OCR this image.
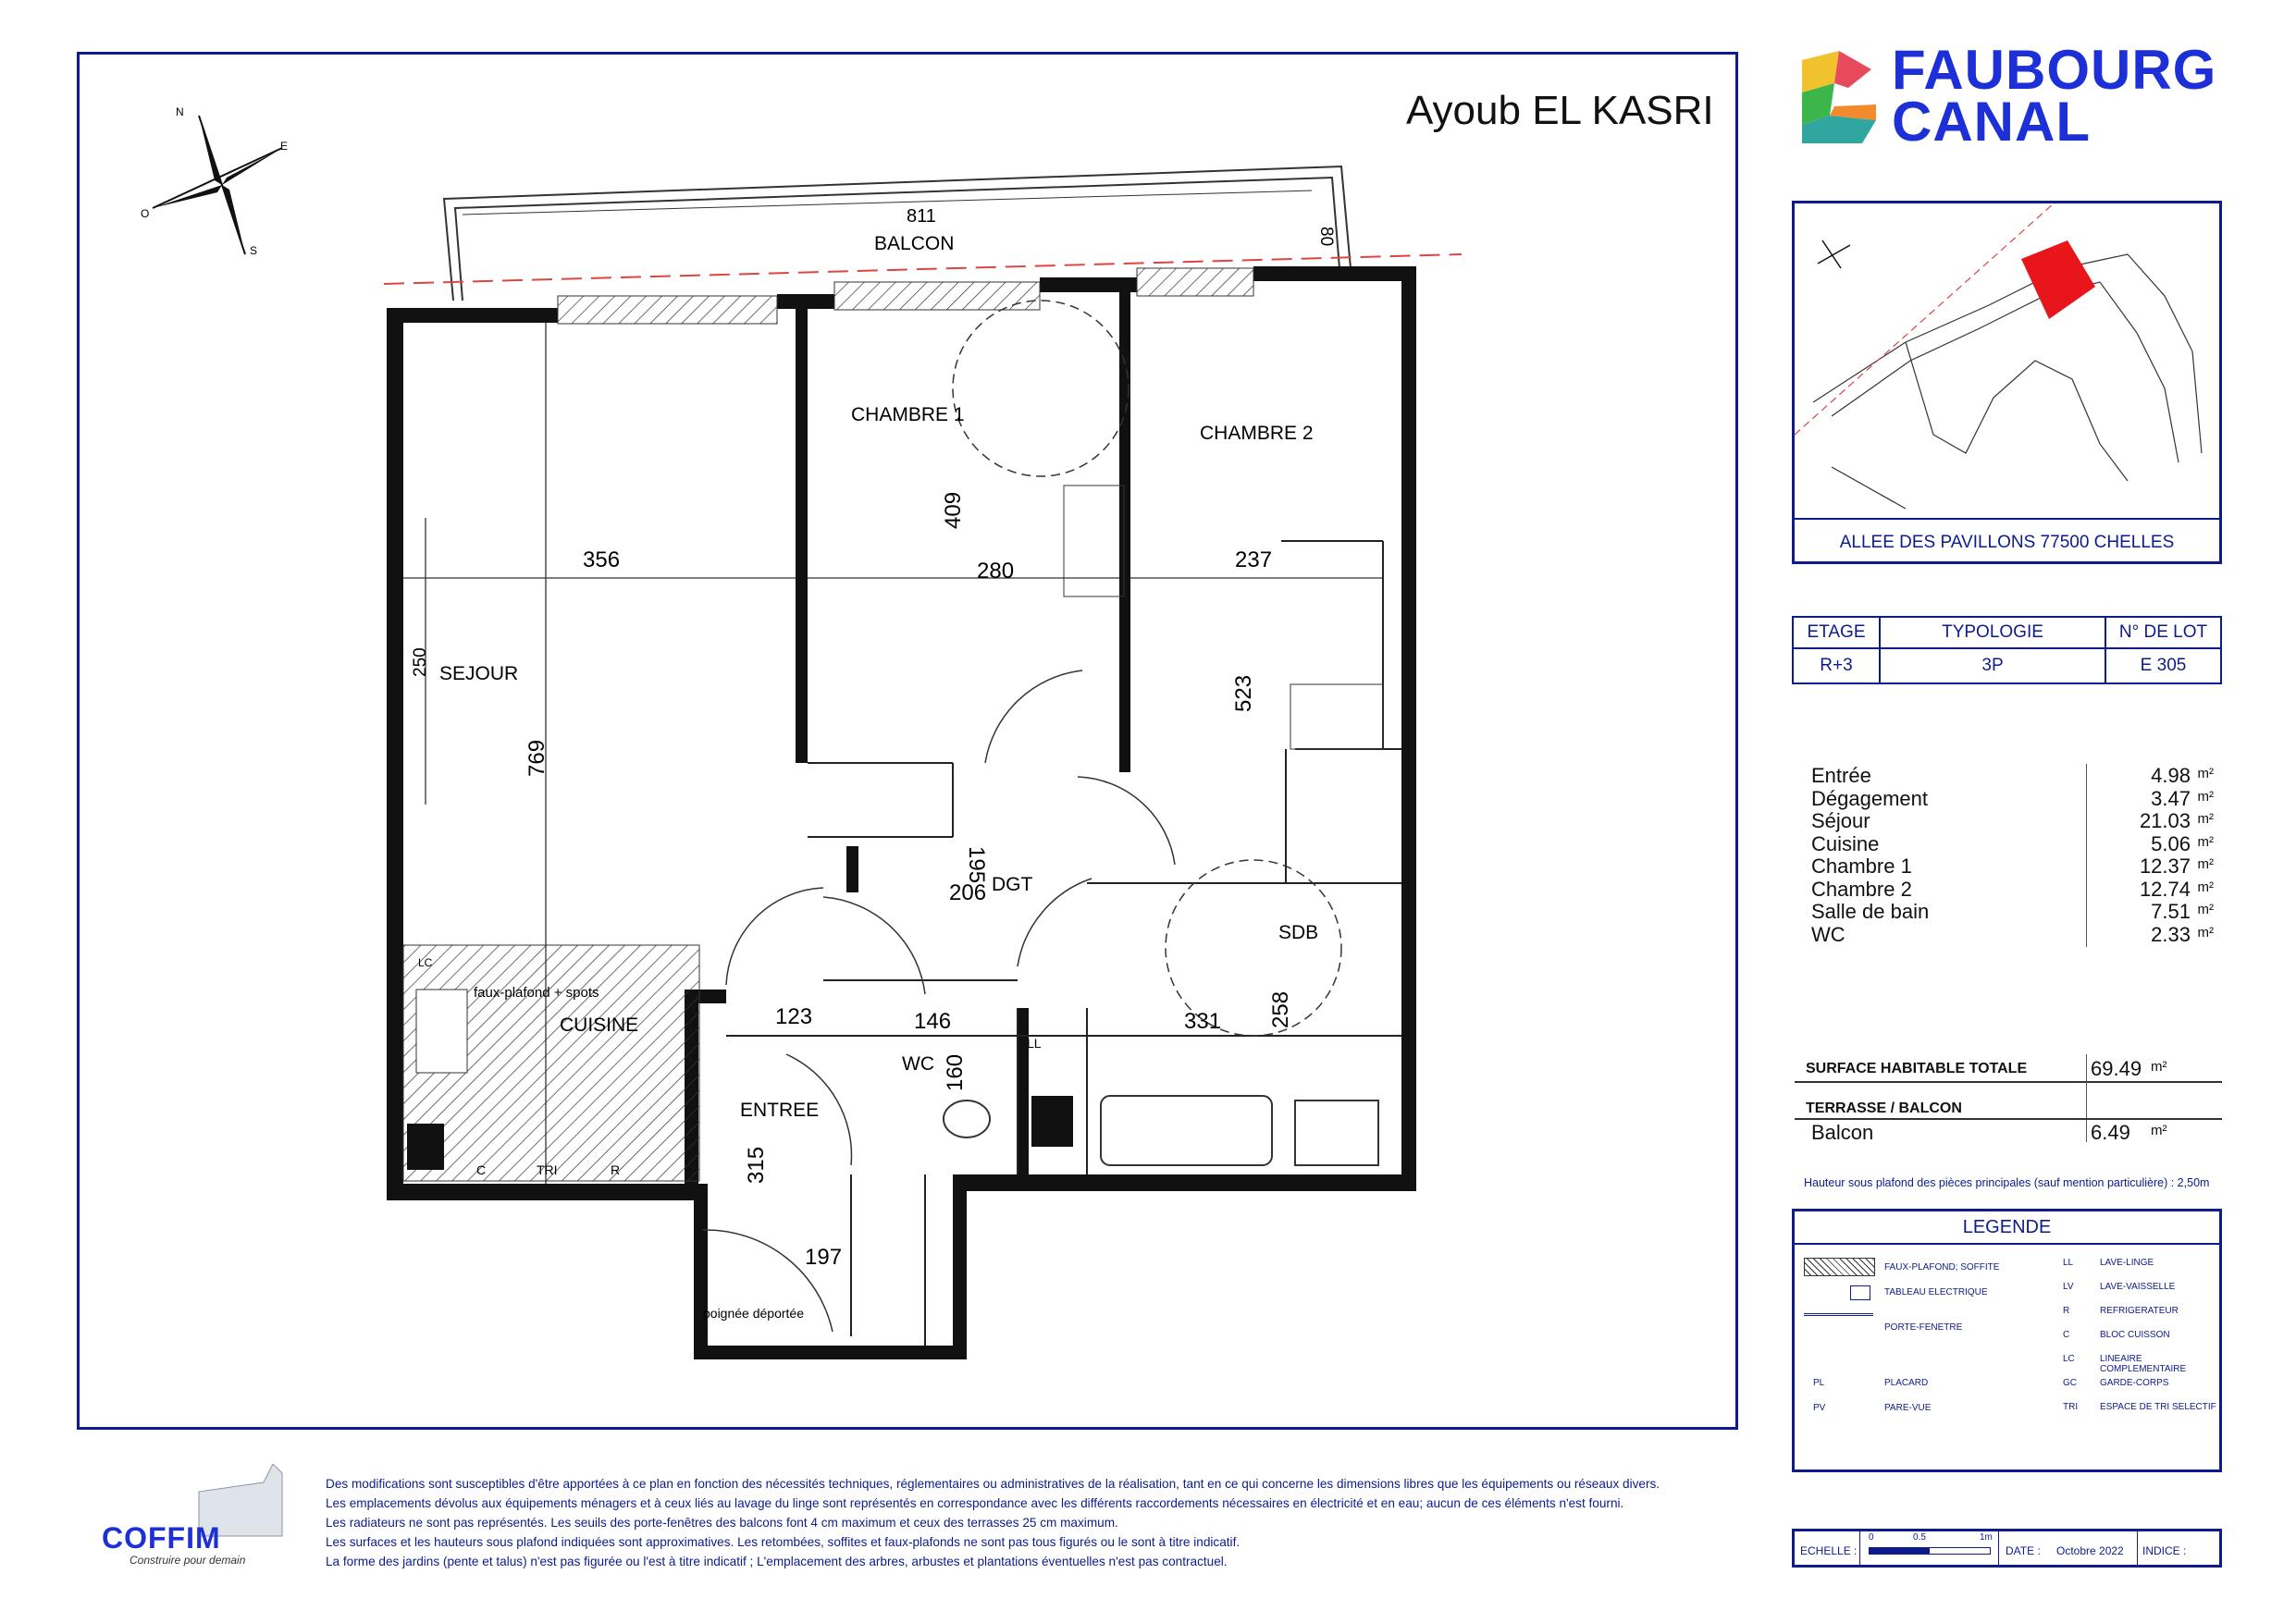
Ayoub EL KASRI
N
E
S
O	811
BALCON	80
CHAMBRE 1
CHAMBRE 2
SEJOUR
CUISINE
DGT
SDB
WC
ENTREE
356	280	237
409
523
250
769
195
206
123	146	331 258
160
315
197
faux-plafond + spots
poignée déportée
C	TRI	R
LL
LC
FAUBOURG
CANAL
ALLEE DES PAVILLONS 77500 CHELLES
ETAGE	TYPOLOGIE	N° DE LOT
R+3	3P	E 305
Entrée	4.98 m²
Dégagement	3.47 m²
Séjour	21.03 m²
Cuisine	5.06 m²
Chambre 1	12.37 m²
Chambre 2	12.74 m²
Salle de bain	7.51 m²
WC	2.33 m²
SURFACE HABITABLE TOTALE	69.49 m²
TERRASSE / BALCON
Balcon	6.49 m²
Hauteur sous plafond des pièces principales (sauf mention particulière) : 2,50m
LEGENDE
FAUX-PLAFOND; SOFFITE
TABLEAU ELECTRIQUE
PORTE-FENETRE
PL	PLACARD
PV	PARE-VUE
LL	LAVE-LINGE
LV	LAVE-VAISSELLE
R	REFRIGERATEUR
C	BLOC CUISSON
LC	LINEAIRE COMPLEMENTAIRE
GC	GARDE-CORPS
TRI ESPACE DE TRI SELECTIF
ECHELLE :
0	0.5	1m
DATE : Octobre 2022 INDICE :
COFFIM
Construire pour demain
Des modifications sont susceptibles d'être apportées à ce plan en fonction des nécessités techniques, réglementaires ou administratives de la réalisation, tant en ce qui concerne les dimensions libres que les équipements ou réseaux divers.
Les emplacements dévolus aux équipements ménagers et à ceux liés au lavage du linge sont représentés en correspondance avec les différents raccordements nécessaires en électricité et en eau; aucun de ces éléments n'est fourni.
Les radiateurs ne sont pas représentés. Les seuils des porte-fenêtres des balcons font 4 cm maximum et ceux des terrasses 25 cm maximum.
Les surfaces et les hauteurs sous plafond indiquées sont approximatives. Les retombées, soffites et faux-plafonds ne sont pas tous figurés ou le sont à titre indicatif.
La forme des jardins (pente et talus) n'est pas figurée ou l'est à titre indicatif ; L'emplacement des arbres, arbustes et plantations éventuelles n'est pas contractuel.
